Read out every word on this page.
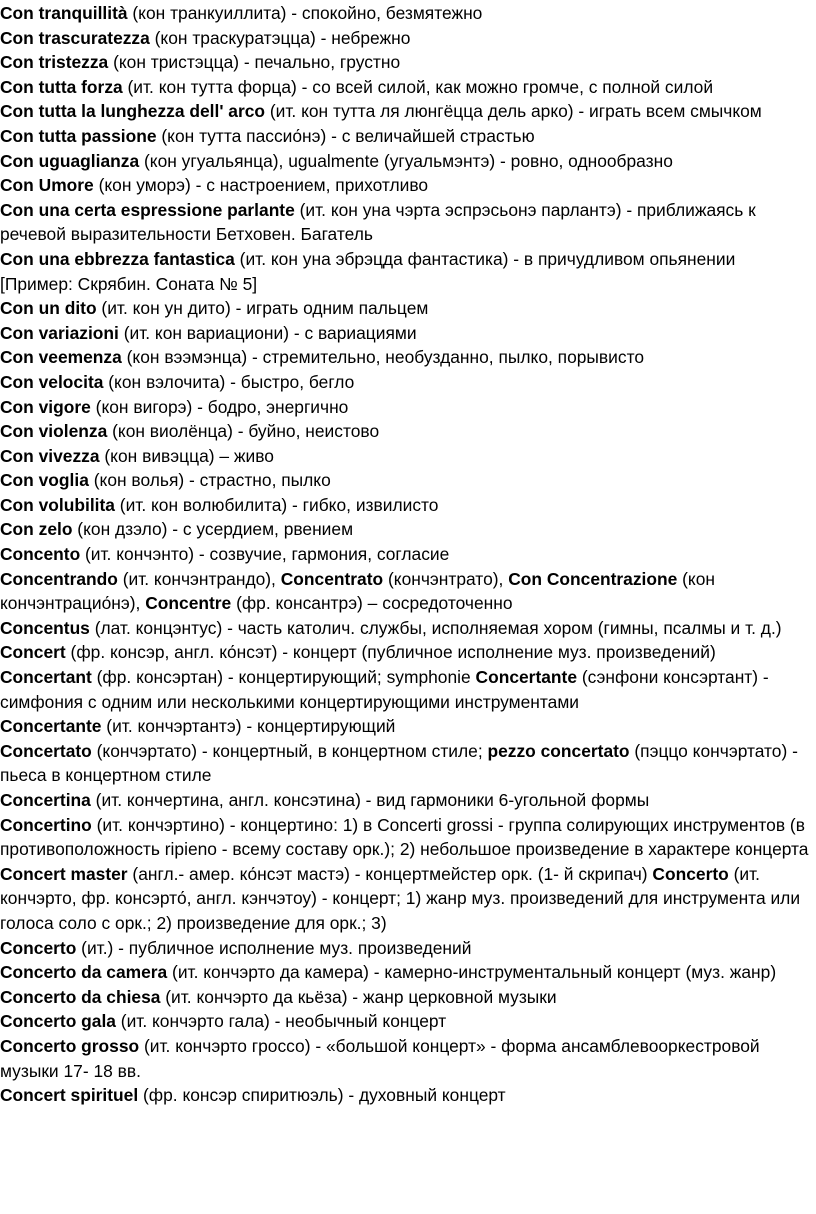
Con tranquillità (кон транкуиллита) - спокойно, безмятежно

Con trascuratezza (кон траскуратэцца) - небрежно

Con tristezza (кон тристэцца) - печально, грустно

Con tutta forza (ит. кон тутта форца) - со всей силой, как можно громче, с полной силой

Con tutta la lunghezza dell' arco (ит. кон тутта ля люнгёцца дель арко) - играть всем смычком

Con tutta passione (кон тутта пассио́нэ) - с величайшей страстью

Con uguaglianza (кон угуальянца), ugualmente (угуальмэнтэ) - ровно, однообразно

Con Umore (кон уморэ) - с настроением, прихотливо

Con una certa espressione parlante (ит. кон уна чэрта эспрэсьонэ парлантэ) - приближаясь к речевой выразительности Бетховен. Багатель

Con una ebbrezza fantastica (ит. кон уна эбрэцда фантастика) - в причудливом опьянении [Пример: Скрябин. Соната № 5]

Con un dito (ит. кон ун дито) - играть одним пальцем

Con variazioni (ит. кон вариациони) - с вариациями

Con veemenza (кон вээмэнца) - стремительно, необузданно, пылко, порывисто

Con velocita (кон вэлочита) - быстро, бегло

Con vigore (кон вигорэ) - бодро, энергично

Con violenza (кон виолёнца) - буйно, неистово

Con vivezza (кон вивэцца) – живо

Con voglia (кон волья) - страстно, пылко

Con volubilita (ит. кон волюбилита) - гибко, извилисто

Con zelo (кон дзэло) - с усердием, рвением

Concento (ит. кончэнто) - созвучие, гармония, согласие

Concentrando (ит. кончэнтрандо), Concentrato (кончэнтрато), Con Concentrazione (кон кончэнтрацио́нэ), Concentre (фр. консантрэ) – сосредоточенно

Concentus (лат. концэнтус) - часть католич. службы, исполняемая хором (гимны, псалмы и т. д.)

Concert (фр. консэр, англ. ко́нсэт) - концерт (публичное исполнение муз. произведений)

Concertant (фр. консэртан) - концертирующий; symphonie Concertante (сэнфони консэртант) - симфония с одним или несколькими концертирующими инструментами

Concertante (ит. кончэртантэ) - концертирующий

Concertato (кончэртато) - концертный, в концертном стиле; pezzo concertato (пэццо кончэртато) - пьеса в концертном стиле

Concertina (ит. кончертина, англ. консэтина) - вид гармоники 6-угольной формы

Concertino (ит. кончэртино) - концертино: 1) в Concerti grossi - группа солирующих инструментов (в противоположность ripieno - всему составу орк.); 2) небольшое произведение в характере концерта

Concert master (англ.- амер. ко́нсэт мастэ) - концертмейстер орк. (1- й скрипач) Concerto (ит. кончэрто, фр. консэрто́, англ. кэнчэтоу) - концерт; 1) жанр муз. произведений для инструмента или голоса соло с орк.; 2) произведение для орк.; 3)

Concerto (ит.) - публичное исполнение муз. произведений

Concerto da camera (ит. кончэрто да камера) - камерно-инструментальный концерт (муз. жанр)

Concerto da chiesa (ит. кончэрто да кьёза) - жанр церковной музыки

Concerto gala (ит. кончэрто гала) - необычный концерт

Concerto grosso (ит. кончэрто гроссо) - «большой концерт» - форма ансамблевооркестровой музыки 17- 18 вв.

Concert spirituel (фр. консэр спиритюэль) - духовный концерт
